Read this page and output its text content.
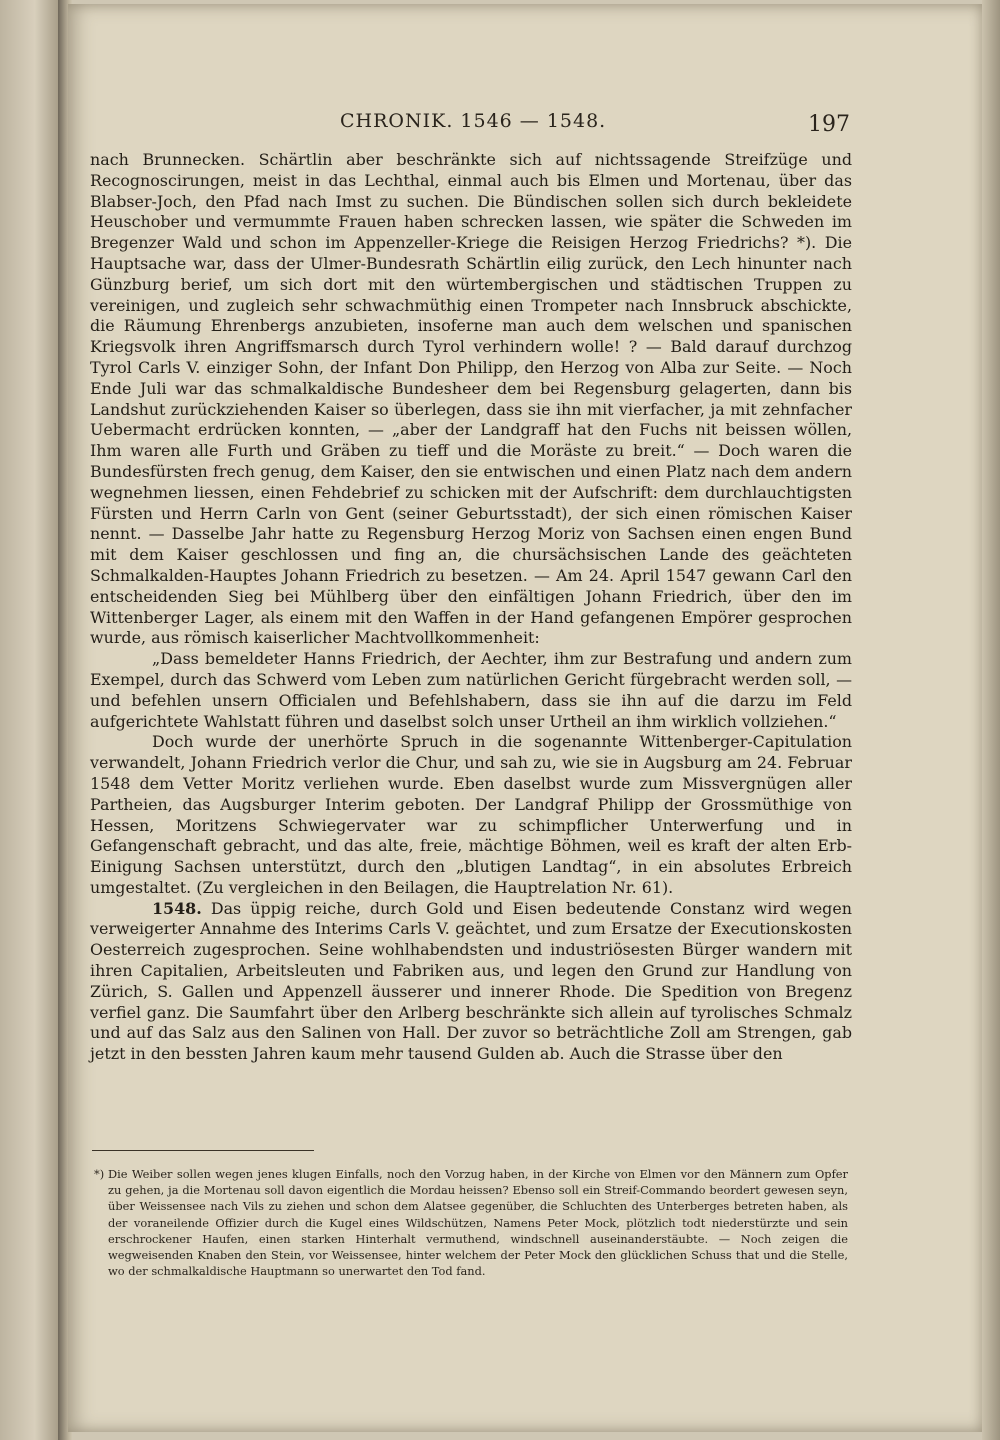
CHRONIK. 1546 — 1548.	197

nach Brunnecken. Schärtlin aber beschränkte sich auf nichtssagende Streifzüge und Recognoscirungen, meist in das Lechthal, einmal auch bis Elmen und Mortenau, über das Blabser-Joch, den Pfad nach Imst zu suchen. Die Bündischen sollen sich durch bekleidete Heuschober und vermummte Frauen haben schrecken lassen, wie später die Schweden im Bregenzer Wald und schon im Appenzeller-Kriege die Reisigen Herzog Friedrichs? *). Die Hauptsache war, dass der Ulmer-Bundesrath Schärtlin eilig zurück, den Lech hinunter nach Günzburg berief, um sich dort mit den würtembergischen und städtischen Truppen zu vereinigen, und zugleich sehr schwachmüthig einen Trompeter nach Innsbruck abschickte, die Räumung Ehrenbergs anzubieten, insoferne man auch dem welschen und spanischen Kriegsvolk ihren Angriffsmarsch durch Tyrol verhindern wolle! ? — Bald darauf durchzog Tyrol Carls V. einziger Sohn, der Infant Don Philipp, den Herzog von Alba zur Seite. — Noch Ende Juli war das schmalkaldische Bundesheer dem bei Regensburg gelagerten, dann bis Landshut zurückziehenden Kaiser so überlegen, dass sie ihn mit vierfacher, ja mit zehnfacher Uebermacht erdrücken konnten, — „aber der Landgraff hat den Fuchs nit beissen wöllen, Ihm waren alle Furth und Gräben zu tieff und die Moräste zu breit.“ — Doch waren die Bundesfürsten frech genug, dem Kaiser, den sie entwischen und einen Platz nach dem andern wegnehmen liessen, einen Fehdebrief zu schicken mit der Aufschrift: dem durchlauchtigsten Fürsten und Herrn Carln von Gent (seiner Geburtsstadt), der sich einen römischen Kaiser nennt. — Dasselbe Jahr hatte zu Regensburg Herzog Moriz von Sachsen einen engen Bund mit dem Kaiser geschlossen und fing an, die chursächsischen Lande des geächteten Schmalkalden-Hauptes Johann Friedrich zu besetzen. — Am 24. April 1547 gewann Carl den entscheidenden Sieg bei Mühlberg über den einfältigen Johann Friedrich, über den im Wittenberger Lager, als einem mit den Waffen in der Hand gefangenen Empörer gesprochen wurde, aus römisch kaiserlicher Machtvollkommenheit:

„Dass bemeldeter Hanns Friedrich, der Aechter, ihm zur Bestrafung und andern zum Exempel, durch das Schwerd vom Leben zum natürlichen Gericht fürgebracht werden soll, — und befehlen unsern Officialen und Befehlshabern, dass sie ihn auf die darzu im Feld aufgerichtete Wahlstatt führen und daselbst solch unser Urtheil an ihm wirklich vollziehen.“

Doch wurde der unerhörte Spruch in die sogenannte Wittenberger-Capitulation verwandelt, Johann Friedrich verlor die Chur, und sah zu, wie sie in Augsburg am 24. Februar 1548 dem Vetter Moritz verliehen wurde. Eben daselbst wurde zum Missvergnügen aller Partheien, das Augsburger Interim geboten. Der Landgraf Philipp der Grossmüthige von Hessen, Moritzens Schwiegervater war zu schimpflicher Unterwerfung und in Gefangenschaft gebracht, und das alte, freie, mächtige Böhmen, weil es kraft der alten Erb-Einigung Sachsen unterstützt, durch den „blutigen Landtag“, in ein absolutes Erbreich umgestaltet. (Zu vergleichen in den Beilagen, die Hauptrelation Nr. 61).

1548. Das üppig reiche, durch Gold und Eisen bedeutende Constanz wird wegen verweigerter Annahme des Interims Carls V. geächtet, und zum Ersatze der Executionskosten Oesterreich zugesprochen. Seine wohlhabendsten und industriösesten Bürger wandern mit ihren Capitalien, Arbeitsleuten und Fabriken aus, und legen den Grund zur Handlung von Zürich, S. Gallen und Appenzell äusserer und innerer Rhode. Die Spedition von Bregenz verfiel ganz. Die Saumfahrt über den Arlberg beschränkte sich allein auf tyrolisches Schmalz und auf das Salz aus den Salinen von Hall. Der zuvor so beträchtliche Zoll am Strengen, gab jetzt in den bessten Jahren kaum mehr tausend Gulden ab. Auch die Strasse über den

*) Die Weiber sollen wegen jenes klugen Einfalls, noch den Vorzug haben, in der Kirche von Elmen vor den Männern zum Opfer zu gehen, ja die Mortenau soll davon eigentlich die Mordau heissen? Ebenso soll ein Streif-Commando beordert gewesen seyn, über Weissensee nach Vils zu ziehen und schon dem Alatsee gegenüber, die Schluchten des Unterberges betreten haben, als der voraneilende Offizier durch die Kugel eines Wildschützen, Namens Peter Mock, plötzlich todt niederstürzte und sein erschrockener Haufen, einen starken Hinterhalt vermuthend, windschnell auseinanderstäubte. — Noch zeigen die wegweisenden Knaben den Stein, vor Weissensee, hinter welchem der Peter Mock den glücklichen Schuss that und die Stelle, wo der schmalkaldische Hauptmann so unerwartet den Tod fand.
